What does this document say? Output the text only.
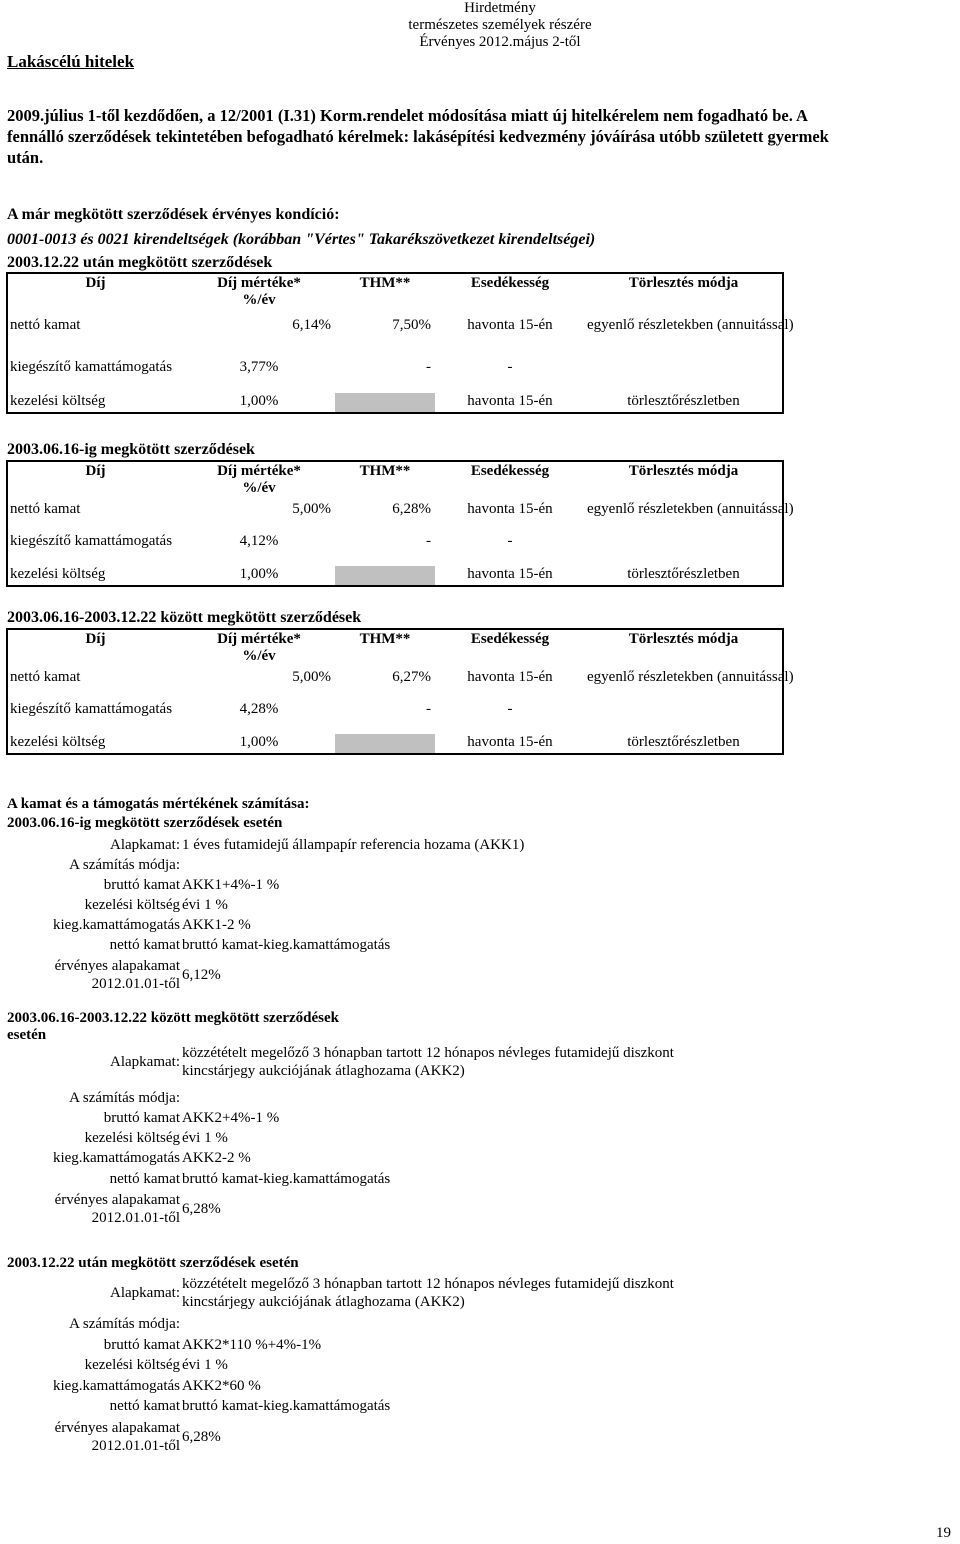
Hirdetmény
természetes személyek részére
Érvényes 2012.május 2-től
Lakáscélú hitelek
2009.július 1-től kezdődően, a 12/2001 (I.31) Korm.rendelet módosítása miatt új hitelkérelem nem fogadható be. A fennálló szerződések tekintetében befogadható kérelmek: lakásépítési kedvezmény jóváírása utóbb született gyermek után.
A már megkötött szerződések érvényes kondíció:
0001-0013 és 0021 kirendeltségek (korábban "Vértes" Takarékszövetkezet kirendeltségei)
2003.12.22 után megkötött szerződések
Díj	Díj mértéke*
%/év	THM**	Esedékesség	Törlesztés módja
nettó kamat	6,14%	7,50%	havonta 15-én	egyenlő részletekben (annuitással)
kiegészítő kamattámogatás	3,77%	-	-	
kezelési költség	1,00%		havonta 15-én	törlesztőrészletben
2003.06.16-ig megkötött szerződések
Díj	Díj mértéke*
%/év	THM**	Esedékesség	Törlesztés módja
nettó kamat	5,00%	6,28%	havonta 15-én	egyenlő részletekben (annuitással)
kiegészítő kamattámogatás	4,12%	-	-	
kezelési költség	1,00%		havonta 15-én	törlesztőrészletben
2003.06.16-2003.12.22 között megkötött szerződések
Díj	Díj mértéke*
%/év	THM**	Esedékesség	Törlesztés módja
nettó kamat	5,00%	6,27%	havonta 15-én	egyenlő részletekben (annuitással)
kiegészítő kamattámogatás	4,28%	-	-	
kezelési költség	1,00%		havonta 15-én	törlesztőrészletben
A kamat és a támogatás mértékének számítása:
2003.06.16-ig megkötött szerződések esetén
Alapkamat: 1 éves futamidejű állampapír referencia hozama (AKK1)
A számítás módja:
bruttó kamat AKK1+4%-1 %
kezelési költség évi 1 %
kieg.kamattámogatás AKK1-2 %
nettó kamat bruttó kamat-kieg.kamattámogatás
érvényes alapakamat
2012.01.01-től
6,12%
2003.06.16-2003.12.22 között megkötött szerződések esetén
Alapkamat:
közzétételt megelőző 3 hónapban tartott 12 hónapos névleges futamidejű diszkont
kincstárjegy aukciójának átlaghozama (AKK2)
A számítás módja:
bruttó kamat AKK2+4%-1 %
kezelési költség évi 1 %
kieg.kamattámogatás AKK2-2 %
nettó kamat bruttó kamat-kieg.kamattámogatás
érvényes alapakamat
2012.01.01-től
6,28%
2003.12.22 után megkötött szerződések esetén
Alapkamat:
közzétételt megelőző 3 hónapban tartott 12 hónapos névleges futamidejű diszkont
kincstárjegy aukciójának átlaghozama (AKK2)
A számítás módja:
bruttó kamat AKK2*110 %+4%-1%
kezelési költség évi 1 %
kieg.kamattámogatás AKK2*60 %
nettó kamat bruttó kamat-kieg.kamattámogatás
érvényes alapakamat
2012.01.01-től
6,28%
19
